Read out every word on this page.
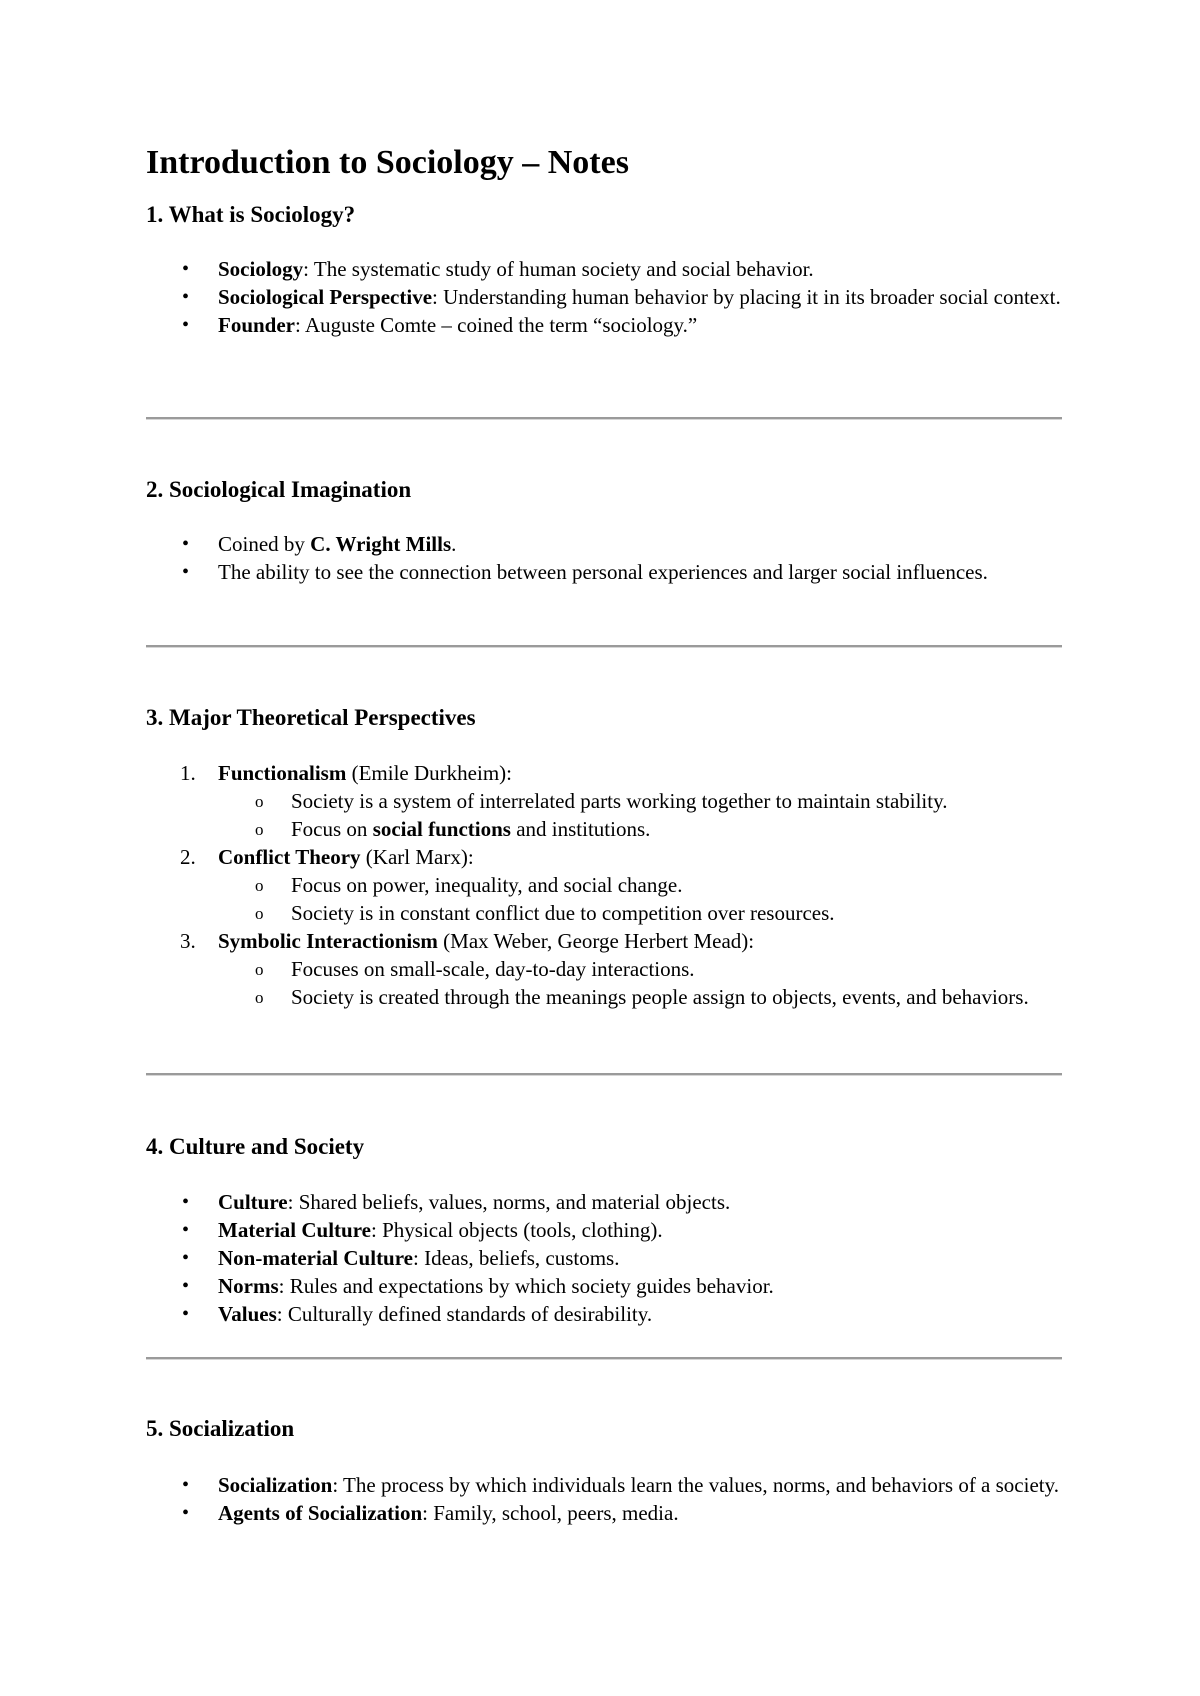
Introduction to Sociology – Notes
1. What is Sociology?
•	Sociology: The systematic study of human society and social behavior.
•	Sociological Perspective: Understanding human behavior by placing it in its broader social context.
•	Founder: Auguste Comte – coined the term “sociology.”
2. Sociological Imagination
•	Coined by C. Wright Mills.
•	The ability to see the connection between personal experiences and larger social influences.
3. Major Theoretical Perspectives
1.	Functionalism (Emile Durkheim):
o Society is a system of interrelated parts working together to maintain stability.
o Focus on social functions and institutions.
2.	Conflict Theory (Karl Marx):
o Focus on power, inequality, and social change.
o Society is in constant conflict due to competition over resources.
3.	Symbolic Interactionism (Max Weber, George Herbert Mead):
o Focuses on small-scale, day-to-day interactions.
o Society is created through the meanings people assign to objects, events, and behaviors.
4. Culture and Society
•	Culture: Shared beliefs, values, norms, and material objects.
•	Material Culture: Physical objects (tools, clothing).
•	Non-material Culture: Ideas, beliefs, customs.
•	Norms: Rules and expectations by which society guides behavior.
•	Values: Culturally defined standards of desirability.
5. Socialization
•	Socialization: The process by which individuals learn the values, norms, and behaviors of a society.
•	Agents of Socialization: Family, school, peers, media.
